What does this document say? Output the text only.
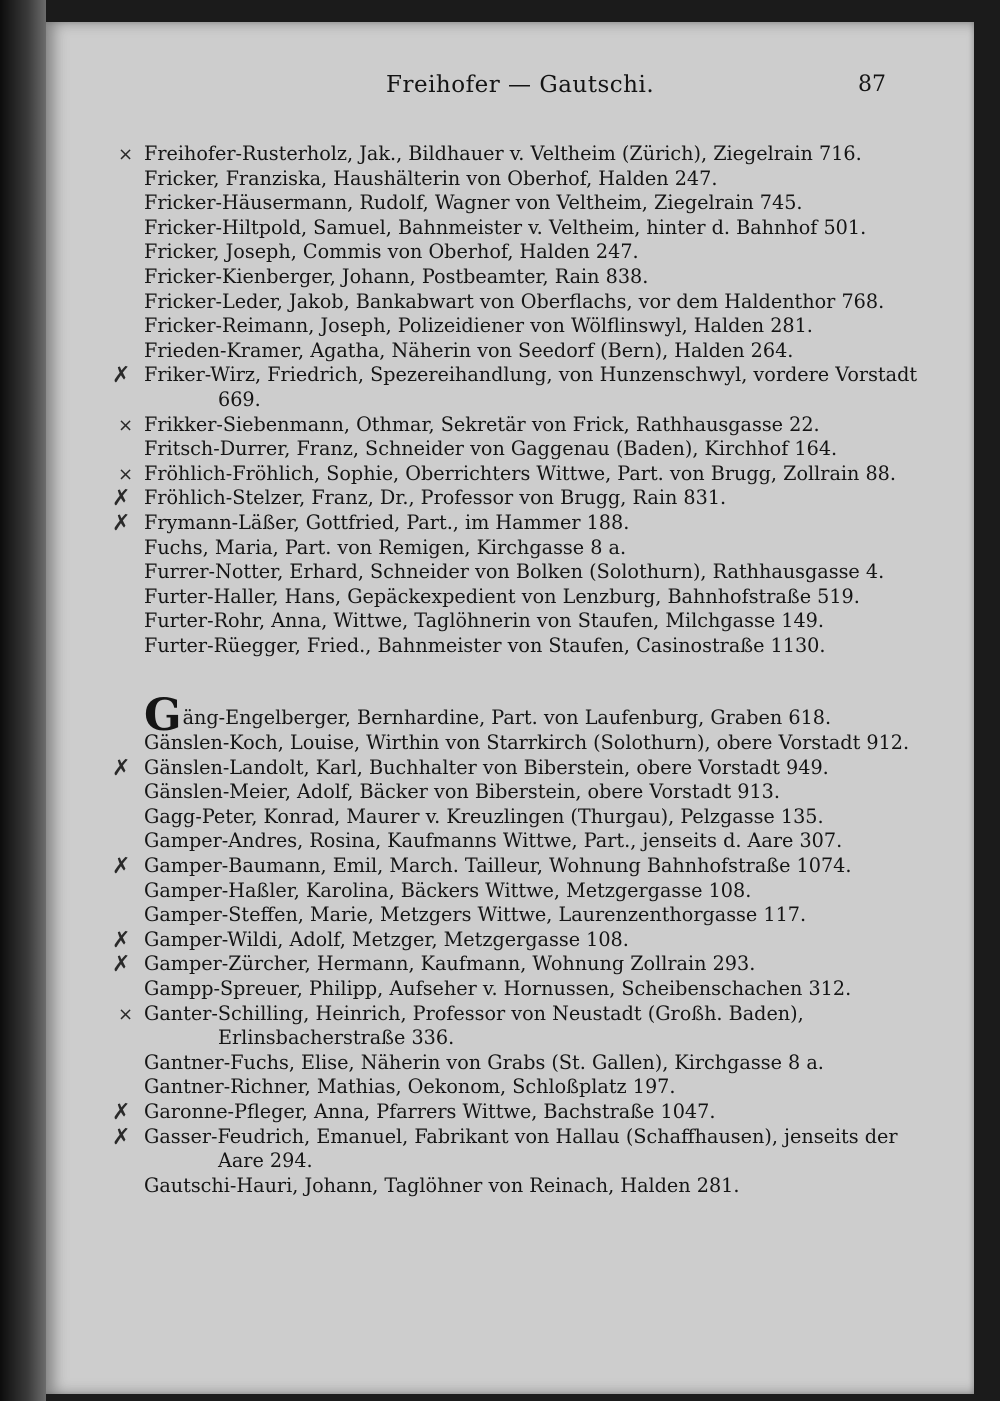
Freihofer — Gautschi.	87
× Freihofer-Rusterholz, Jak., Bildhauer v. Veltheim (Zürich), Ziegelrain 716.
Fricker, Franziska, Haushälterin von Oberhof, Halden 247.
Fricker-Häusermann, Rudolf, Wagner von Veltheim, Ziegelrain 745.
Fricker-Hiltpold, Samuel, Bahnmeister v. Veltheim, hinter d. Bahnhof 501.
Fricker, Joseph, Commis von Oberhof, Halden 247.
Fricker-Kienberger, Johann, Postbeamter, Rain 838.
Fricker-Leder, Jakob, Bankabwart von Oberflachs, vor dem Haldenthor 768.
Fricker-Reimann, Joseph, Polizeidiener von Wölflinswyl, Halden 281.
Frieden-Kramer, Agatha, Näherin von Seedorf (Bern), Halden 264.
✗ Friker-Wirz, Friedrich, Spezereihandlung, von Hunzenschwyl, vordere Vorstadt 669.
× Frikker-Siebenmann, Othmar, Sekretär von Frick, Rathhausgasse 22.
Fritsch-Durrer, Franz, Schneider von Gaggenau (Baden), Kirchhof 164.
× Fröhlich-Fröhlich, Sophie, Oberrichters Wittwe, Part. von Brugg, Zollrain 88.
✗ Fröhlich-Stelzer, Franz, Dr., Professor von Brugg, Rain 831.
✗ Frymann-Läßer, Gottfried, Part., im Hammer 188.
Fuchs, Maria, Part. von Remigen, Kirchgasse 8 a.
Furrer-Notter, Erhard, Schneider von Bolken (Solothurn), Rathhausgasse 4.
Furter-Haller, Hans, Gepäckexpedient von Lenzburg, Bahnhofstraße 519.
Furter-Rohr, Anna, Wittwe, Taglöhnerin von Staufen, Milchgasse 149.
Furter-Rüegger, Fried., Bahnmeister von Staufen, Casinostraße 1130.
Gäng-Engelberger, Bernhardine, Part. von Laufenburg, Graben 618.
Gänslen-Koch, Louise, Wirthin von Starrkirch (Solothurn), obere Vorstadt 912.
✗ Gänslen-Landolt, Karl, Buchhalter von Biberstein, obere Vorstadt 949.
Gänslen-Meier, Adolf, Bäcker von Biberstein, obere Vorstadt 913.
Gagg-Peter, Konrad, Maurer v. Kreuzlingen (Thurgau), Pelzgasse 135.
Gamper-Andres, Rosina, Kaufmanns Wittwe, Part., jenseits d. Aare 307.
✗ Gamper-Baumann, Emil, March. Tailleur, Wohnung Bahnhofstraße 1074.
Gamper-Haßler, Karolina, Bäckers Wittwe, Metzgergasse 108.
Gamper-Steffen, Marie, Metzgers Wittwe, Laurenzenthorgasse 117.
✗ Gamper-Wildi, Adolf, Metzger, Metzgergasse 108.
✗ Gamper-Zürcher, Hermann, Kaufmann, Wohnung Zollrain 293.
Gampp-Spreuer, Philipp, Aufseher v. Hornussen, Scheibenschachen 312.
× Ganter-Schilling, Heinrich, Professor von Neustadt (Großh. Baden), Erlinsbacherstraße 336.
Gantner-Fuchs, Elise, Näherin von Grabs (St. Gallen), Kirchgasse 8 a.
Gantner-Richner, Mathias, Oekonom, Schloßplatz 197.
✗ Garonne-Pfleger, Anna, Pfarrers Wittwe, Bachstraße 1047.
✗ Gasser-Feudrich, Emanuel, Fabrikant von Hallau (Schaffhausen), jenseits der Aare 294.
Gautschi-Hauri, Johann, Taglöhner von Reinach, Halden 281.
